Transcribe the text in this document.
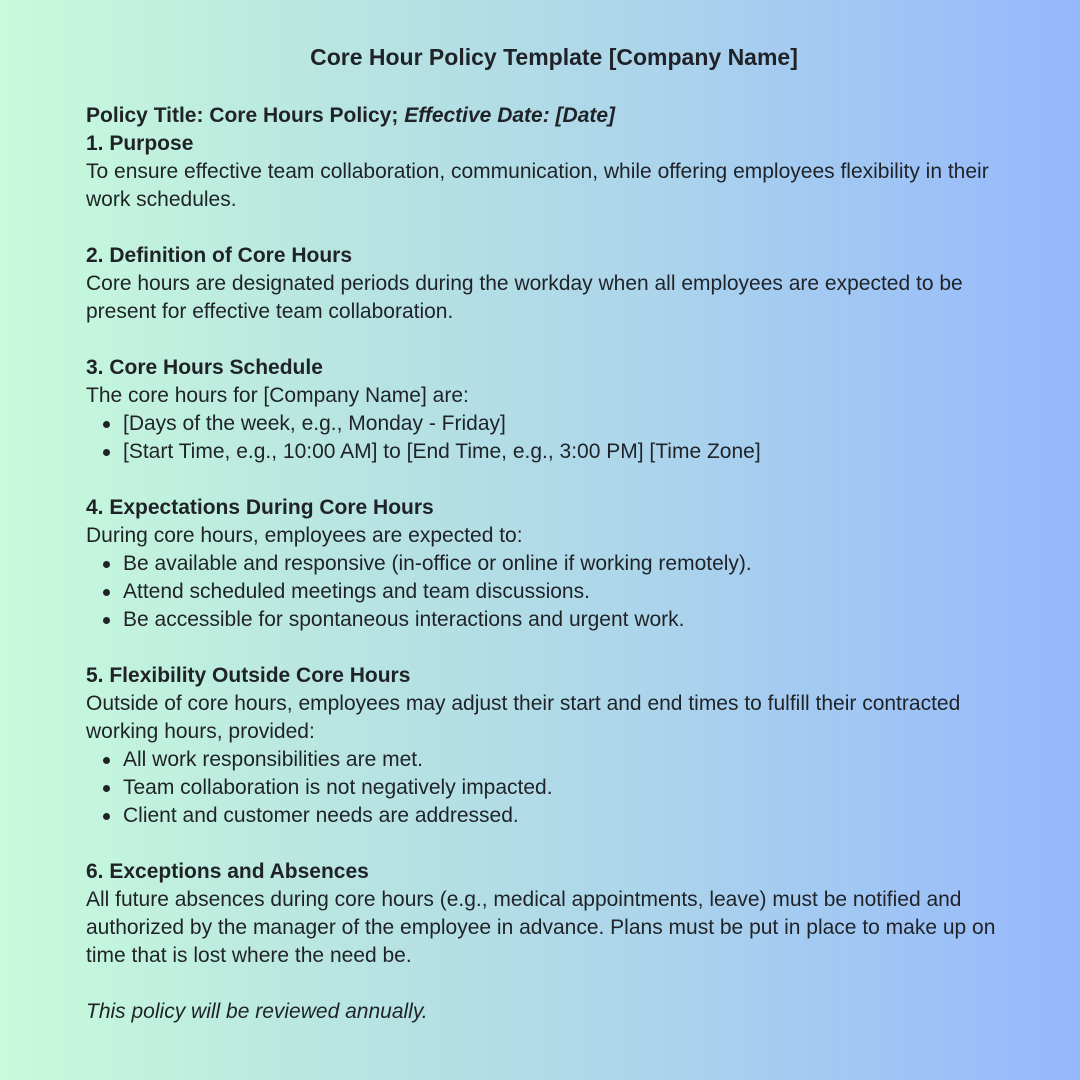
Core Hour Policy Template [Company Name]
Policy Title: Core Hours Policy; Effective Date: [Date]

1. Purpose

To ensure effective team collaboration, communication, while offering employees flexibility in their work schedules.

2. Definition of Core Hours

Core hours are designated periods during the workday when all employees are expected to be present for effective team collaboration.

3. Core Hours Schedule

The core hours for [Company Name] are:

[Days of the week, e.g., Monday - Friday]
[Start Time, e.g., 10:00 AM] to [End Time, e.g., 3:00 PM] [Time Zone]

4. Expectations During Core Hours

During core hours, employees are expected to:

Be available and responsive (in-office or online if working remotely).
Attend scheduled meetings and team discussions.
Be accessible for spontaneous interactions and urgent work.

5. Flexibility Outside Core Hours

Outside of core hours, employees may adjust their start and end times to fulfill their contracted working hours, provided:

All work responsibilities are met.
Team collaboration is not negatively impacted.
Client and customer needs are addressed.

6. Exceptions and Absences

All future absences during core hours (e.g., medical appointments, leave) must be notified and authorized by the manager of the employee in advance. Plans must be put in place to make up on time that is lost where the need be.

This policy will be reviewed annually.
